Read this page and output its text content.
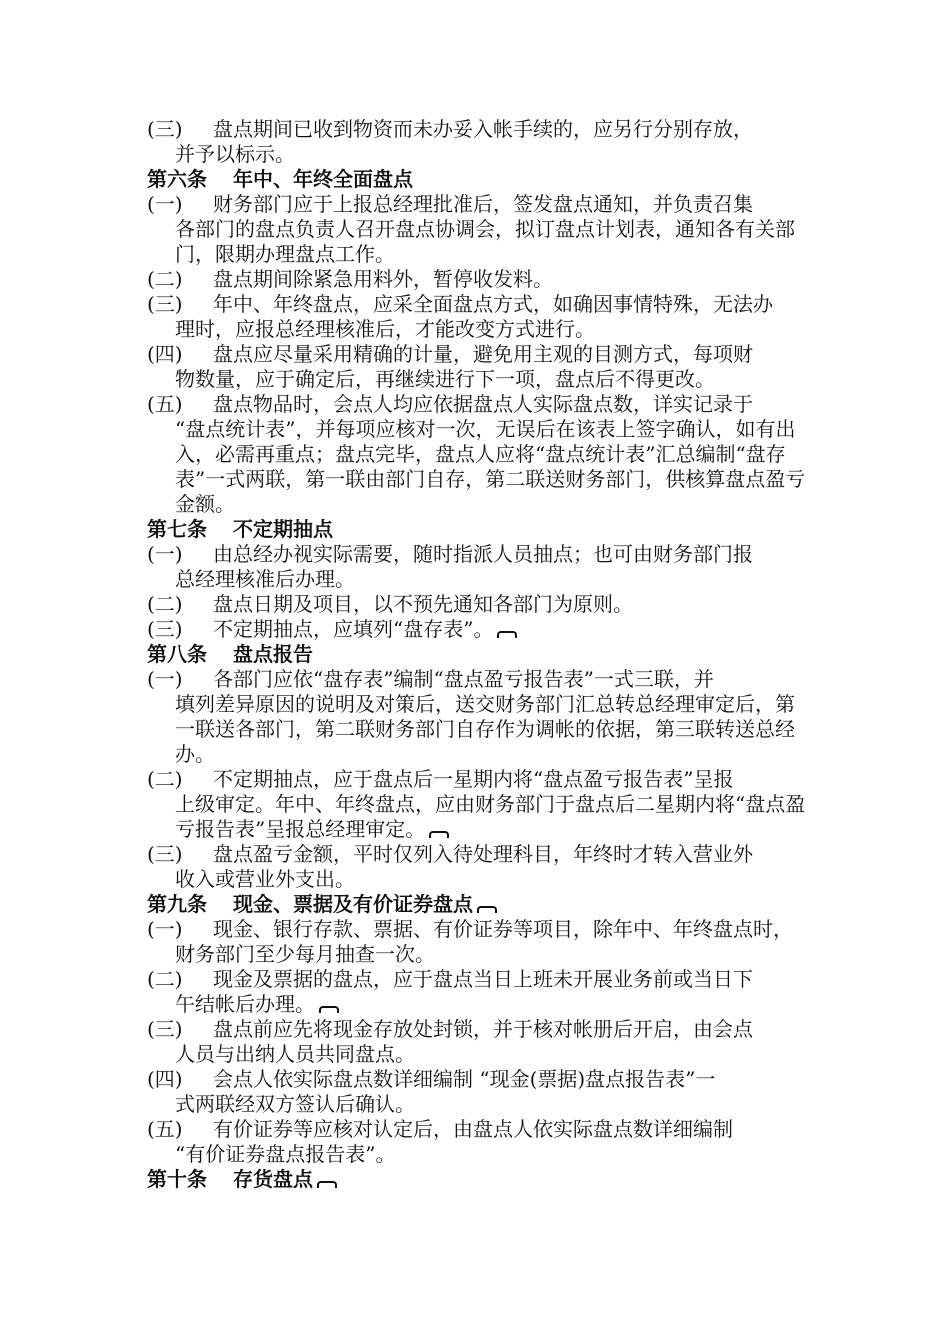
(三)	盘点期间已收到物资而未办妥入帐手续的，应另行分别存放，
并予以标示。
第六条 年中、年终全面盘点
(一)	财务部门应于上报总经理批准后，签发盘点通知，并负责召集
各部门的盘点负责人召开盘点协调会，拟订盘点计划表，通知各有关部门，限期办理盘点工作。
(二)	盘点期间除紧急用料外，暂停收发料。
(三)	年中、年终盘点，应采全面盘点方式，如确因事情特殊，无法办
理时，应报总经理核准后，才能改变方式进行。
(四)	盘点应尽量采用精确的计量，避免用主观的目测方式，每项财
物数量，应于确定后，再继续进行下一项，盘点后不得更改。
(五)	盘点物品时，会点人均应依据盘点人实际盘点数，详实记录于
“盘点统计表”，并每项应核对一次，无误后在该表上签字确认，如有出入，必需再重点；盘点完毕，盘点人应将“盘点统计表”汇总编制“盘存表”一式两联，第一联由部门自存，第二联送财务部门，供核算盘点盈亏金额。
第七条 不定期抽点
(一)	由总经办视实际需要，随时指派人员抽点；也可由财务部门报
总经理核准后办理。
(二)	盘点日期及项目，以不预先通知各部门为原则。
(三)	不定期抽点，应填列“盘存表”。
第八条 盘点报告
(一)	各部门应依“盘存表”编制“盘点盈亏报告表”一式三联，并
填列差异原因的说明及对策后，送交财务部门汇总转总经理审定后，第一联送各部门，第二联财务部门自存作为调帐的依据，第三联转送总经办。
(二)	不定期抽点，应于盘点后一星期内将“盘点盈亏报告表”呈报
上级审定。年中、年终盘点，应由财务部门于盘点后二星期内将“盘点盈亏报告表”呈报总经理审定。
(三)	盘点盈亏金额，平时仅列入待处理科目，年终时才转入营业外
收入或营业外支出。
第九条 现金、票据及有价证券盘点
(一)	现金、银行存款、票据、有价证券等项目，除年中、年终盘点时，
财务部门至少每月抽查一次。
(二)	现金及票据的盘点，应于盘点当日上班未开展业务前或当日下
午结帐后办理。
(三)	盘点前应先将现金存放处封锁，并于核对帐册后开启，由会点
人员与出纳人员共同盘点。
(四)	会点人依实际盘点数详细编制 “现金(票据)盘点报告表”一
式两联经双方签认后确认。
(五)	有价证券等应核对认定后，由盘点人依实际盘点数详细编制
“有价证券盘点报告表”。
第十条 存货盘点
